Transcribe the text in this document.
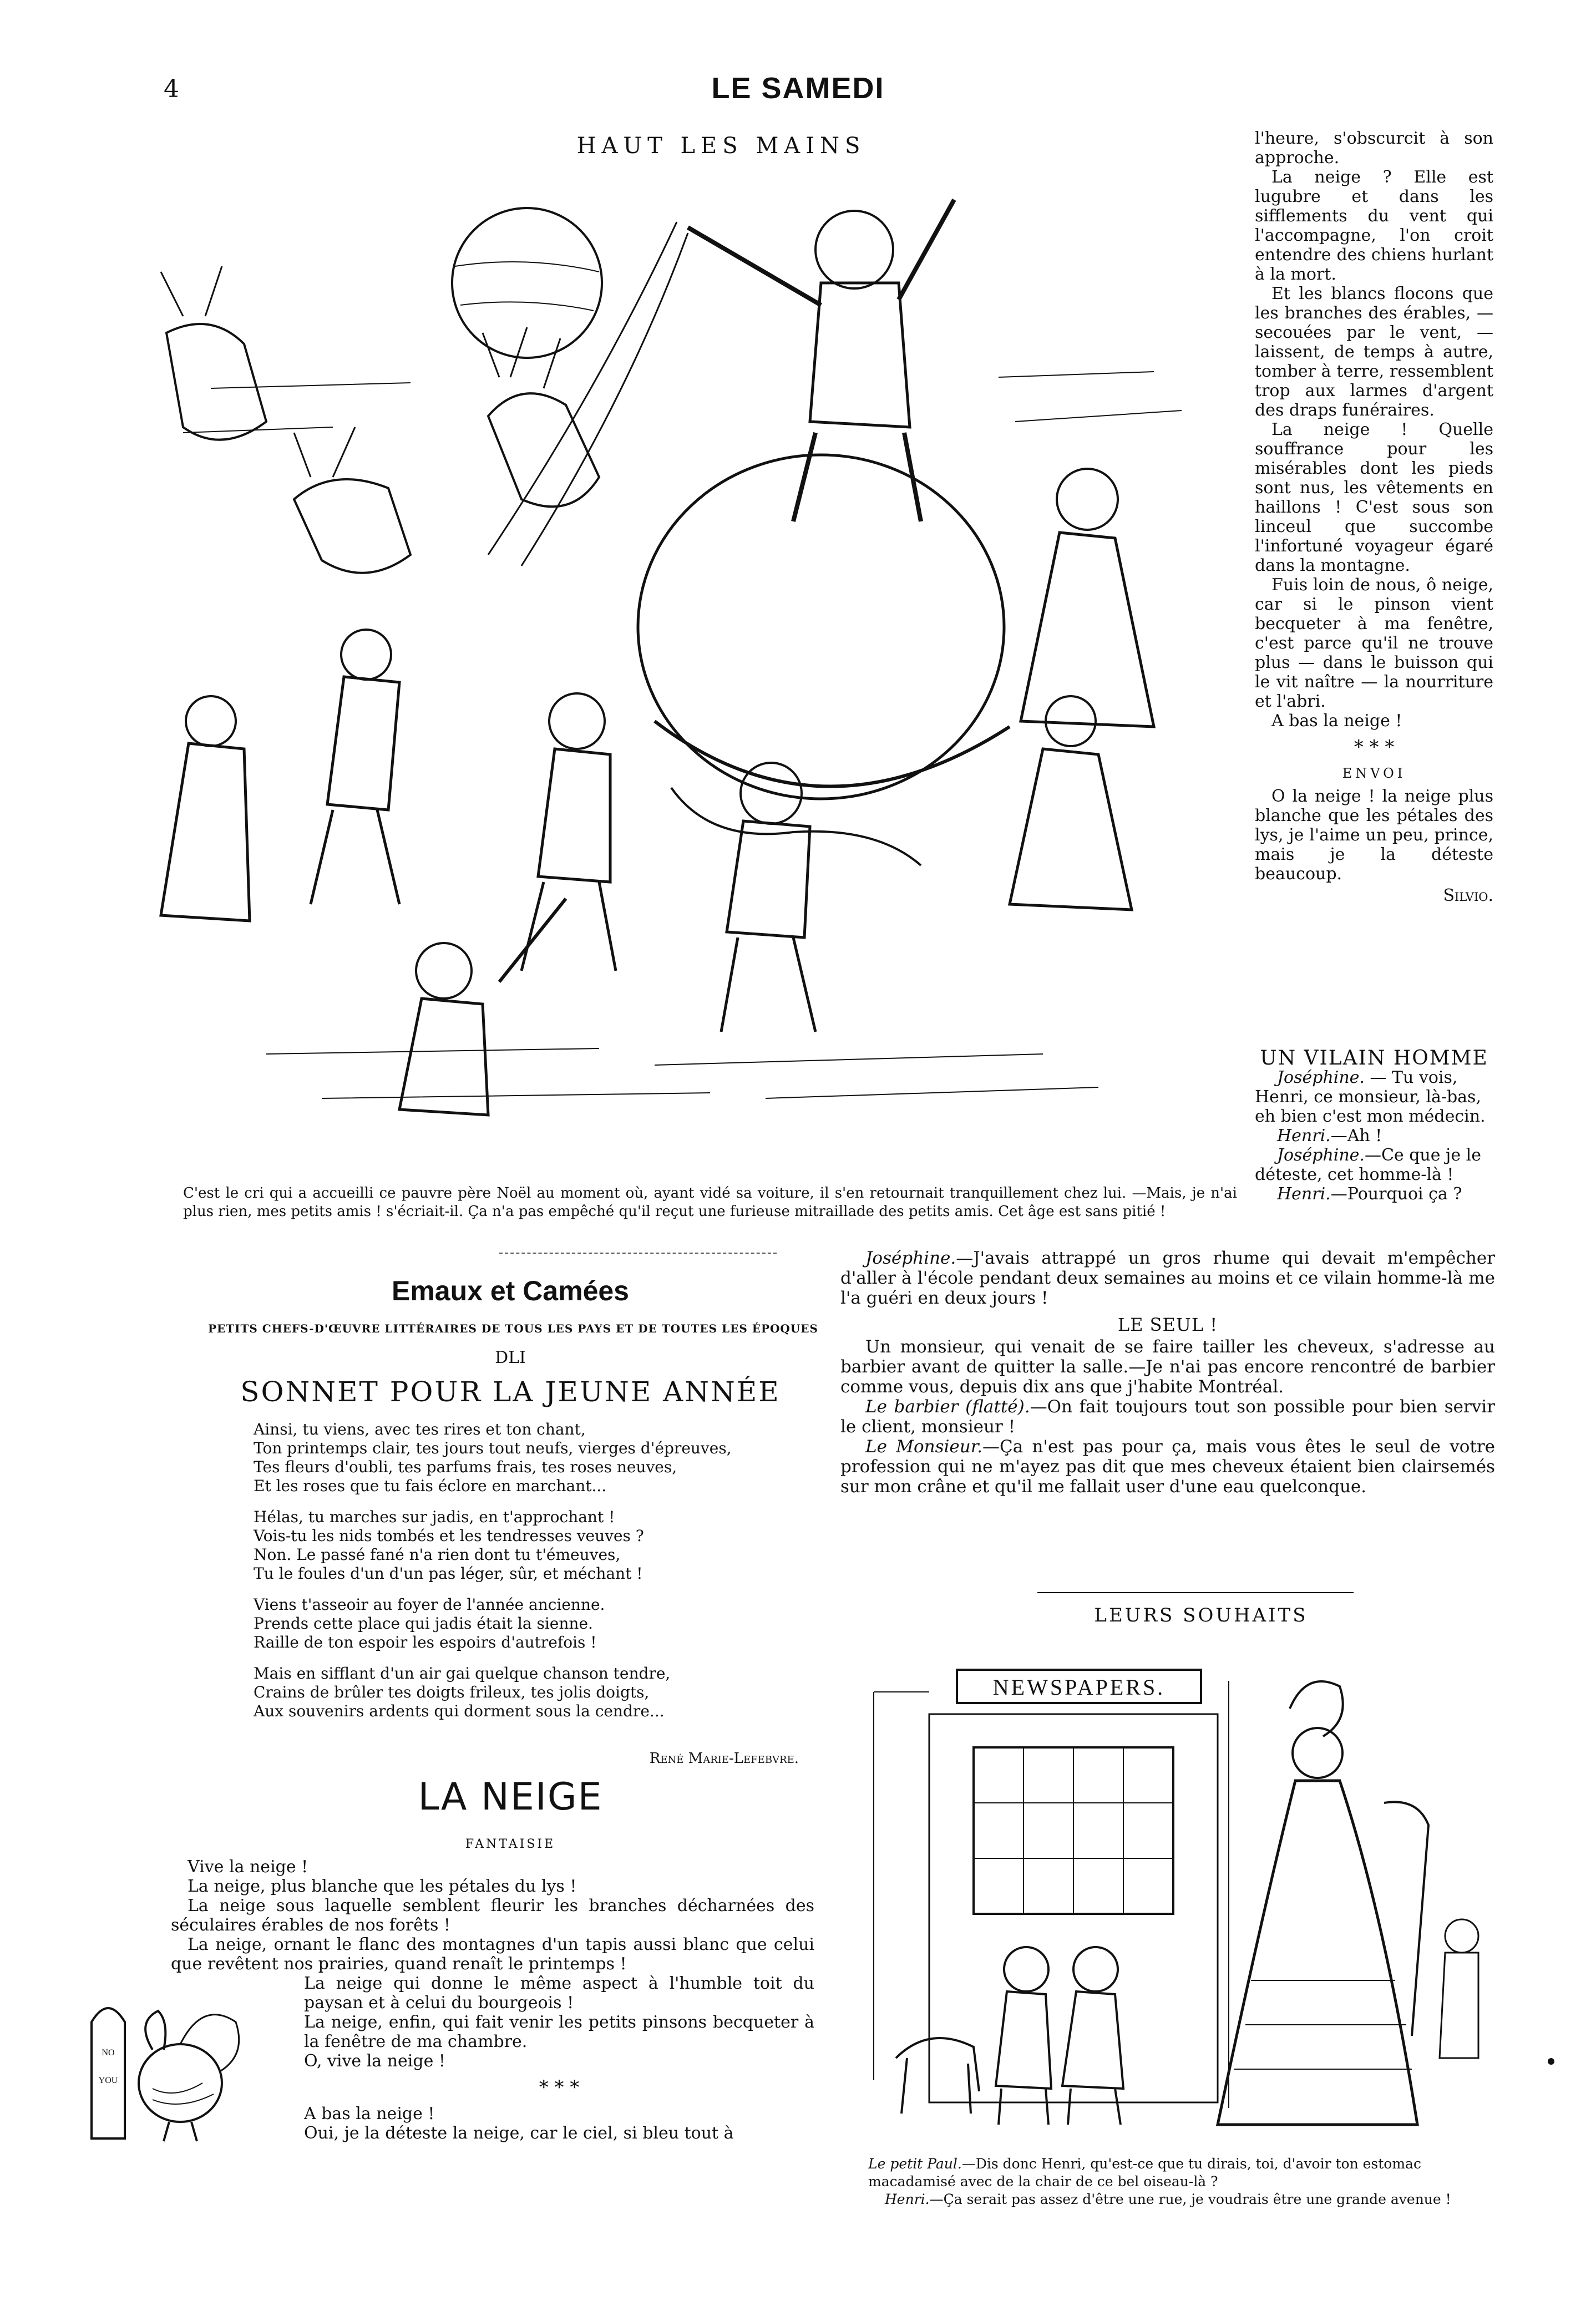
4	LE SAMEDI
HAUT LES MAINS
C'est le cri qui a accueilli ce pauvre père Noël au moment où, ayant vidé sa voiture, il s'en retournait tranquillement chez lui. —Mais, je n'ai plus rien, mes petits amis ! s'écriait-il. Ça n'a pas empêché qu'il reçut une furieuse mitraillade des petits amis. Cet âge est sans pitié !

l'heure, s'obscurcit à son approche.

La neige ? Elle est lugubre et dans les sifflements du vent qui l'accompagne, l'on croit entendre des chiens hurlant à la mort.

Et les blancs flocons que les branches des érables, — secouées par le vent, — laissent, de temps à autre, tomber à terre, ressemblent trop aux larmes d'argent des draps funéraires.

La neige ! Quelle souffrance pour les misérables dont les pieds sont nus, les vêtements en haillons ! C'est sous son linceul que succombe l'infortuné voyageur égaré dans la montagne.

Fuis loin de nous, ô neige, car si le pinson vient becqueter à ma fenêtre, c'est parce qu'il ne trouve plus — dans le buisson qui le vit naître — la nourriture et l'abri.

A bas la neige !

* * *
ENVOI

O la neige ! la neige plus blanche que les pétales des lys, je l'aime un peu, prince, mais je la déteste beaucoup.

Silvio.
UN VILAIN HOMME

Joséphine. — Tu vois, Henri, ce monsieur, là-bas, eh bien c'est mon médecin.

Henri.—Ah !

Joséphine.—Ce que je le déteste, cet homme-là !

Henri.—Pourquoi ça ?

Emaux et Camées
PETITS CHEFS-D'ŒUVRE LITTÉRAIRES DE TOUS LES PAYS ET DE TOUTES LES ÉPOQUES
DLI
SONNET POUR LA JEUNE ANNÉE
Ainsi, tu viens, avec tes rires et ton chant,
Ton printemps clair, tes jours tout neufs, vierges d'épreuves,
Tes fleurs d'oubli, tes parfums frais, tes roses neuves,
Et les roses que tu fais éclore en marchant...
Hélas, tu marches sur jadis, en t'approchant !
Vois-tu les nids tombés et les tendresses veuves ?
Non. Le passé fané n'a rien dont tu t'émeuves,
Tu le foules d'un d'un pas léger, sûr, et méchant !
Viens t'asseoir au foyer de l'année ancienne.
Prends cette place qui jadis était la sienne.
Raille de ton espoir les espoirs d'autrefois !
Mais en sifflant d'un air gai quelque chanson tendre,
Crains de brûler tes doigts frileux, tes jolis doigts,
Aux souvenirs ardents qui dorment sous la cendre...
René Marie-Lefebvre.
LA NEIGE
FANTAISIE

Vive la neige !

La neige, plus blanche que les pétales du lys !

La neige sous laquelle semblent fleurir les branches décharnées des séculaires érables de nos forêts !

La neige, ornant le flanc des montagnes d'un tapis aussi blanc que celui que revêtent nos prairies, quand renaît le printemps !

La neige qui donne le même aspect à l'humble toit du paysan et à celui du bourgeois !

La neige, enfin, qui fait venir les petits pinsons becqueter à la fenêtre de ma chambre.

O, vive la neige !

* * *

A bas la neige !

Oui, je la déteste la neige, car le ciel, si bleu tout à

NO
YOU

Joséphine.—J'avais attrappé un gros rhume qui devait m'empêcher d'aller à l'école pendant deux semaines au moins et ce vilain homme-là me l'a guéri en deux jours !

LE SEUL !

Un monsieur, qui venait de se faire tailler les cheveux, s'adresse au barbier avant de quitter la salle.—Je n'ai pas encore rencontré de barbier comme vous, depuis dix ans que j'habite Montréal.

Le barbier (flatté).—On fait toujours tout son possible pour bien servir le client, monsieur !

Le Monsieur.—Ça n'est pas pour ça, mais vous êtes le seul de votre profession qui ne m'ayez pas dit que mes cheveux étaient bien clairsemés sur mon crâne et qu'il me fallait user d'une eau quelconque.

LEURS SOUHAITS
NEWSPAPERS.

Le petit Paul.—Dis donc Henri, qu'est-ce que tu dirais, toi, d'avoir ton estomac macadamisé avec de la chair de ce bel oiseau-là ?

Henri.—Ça serait pas assez d'être une rue, je voudrais être une grande avenue !
